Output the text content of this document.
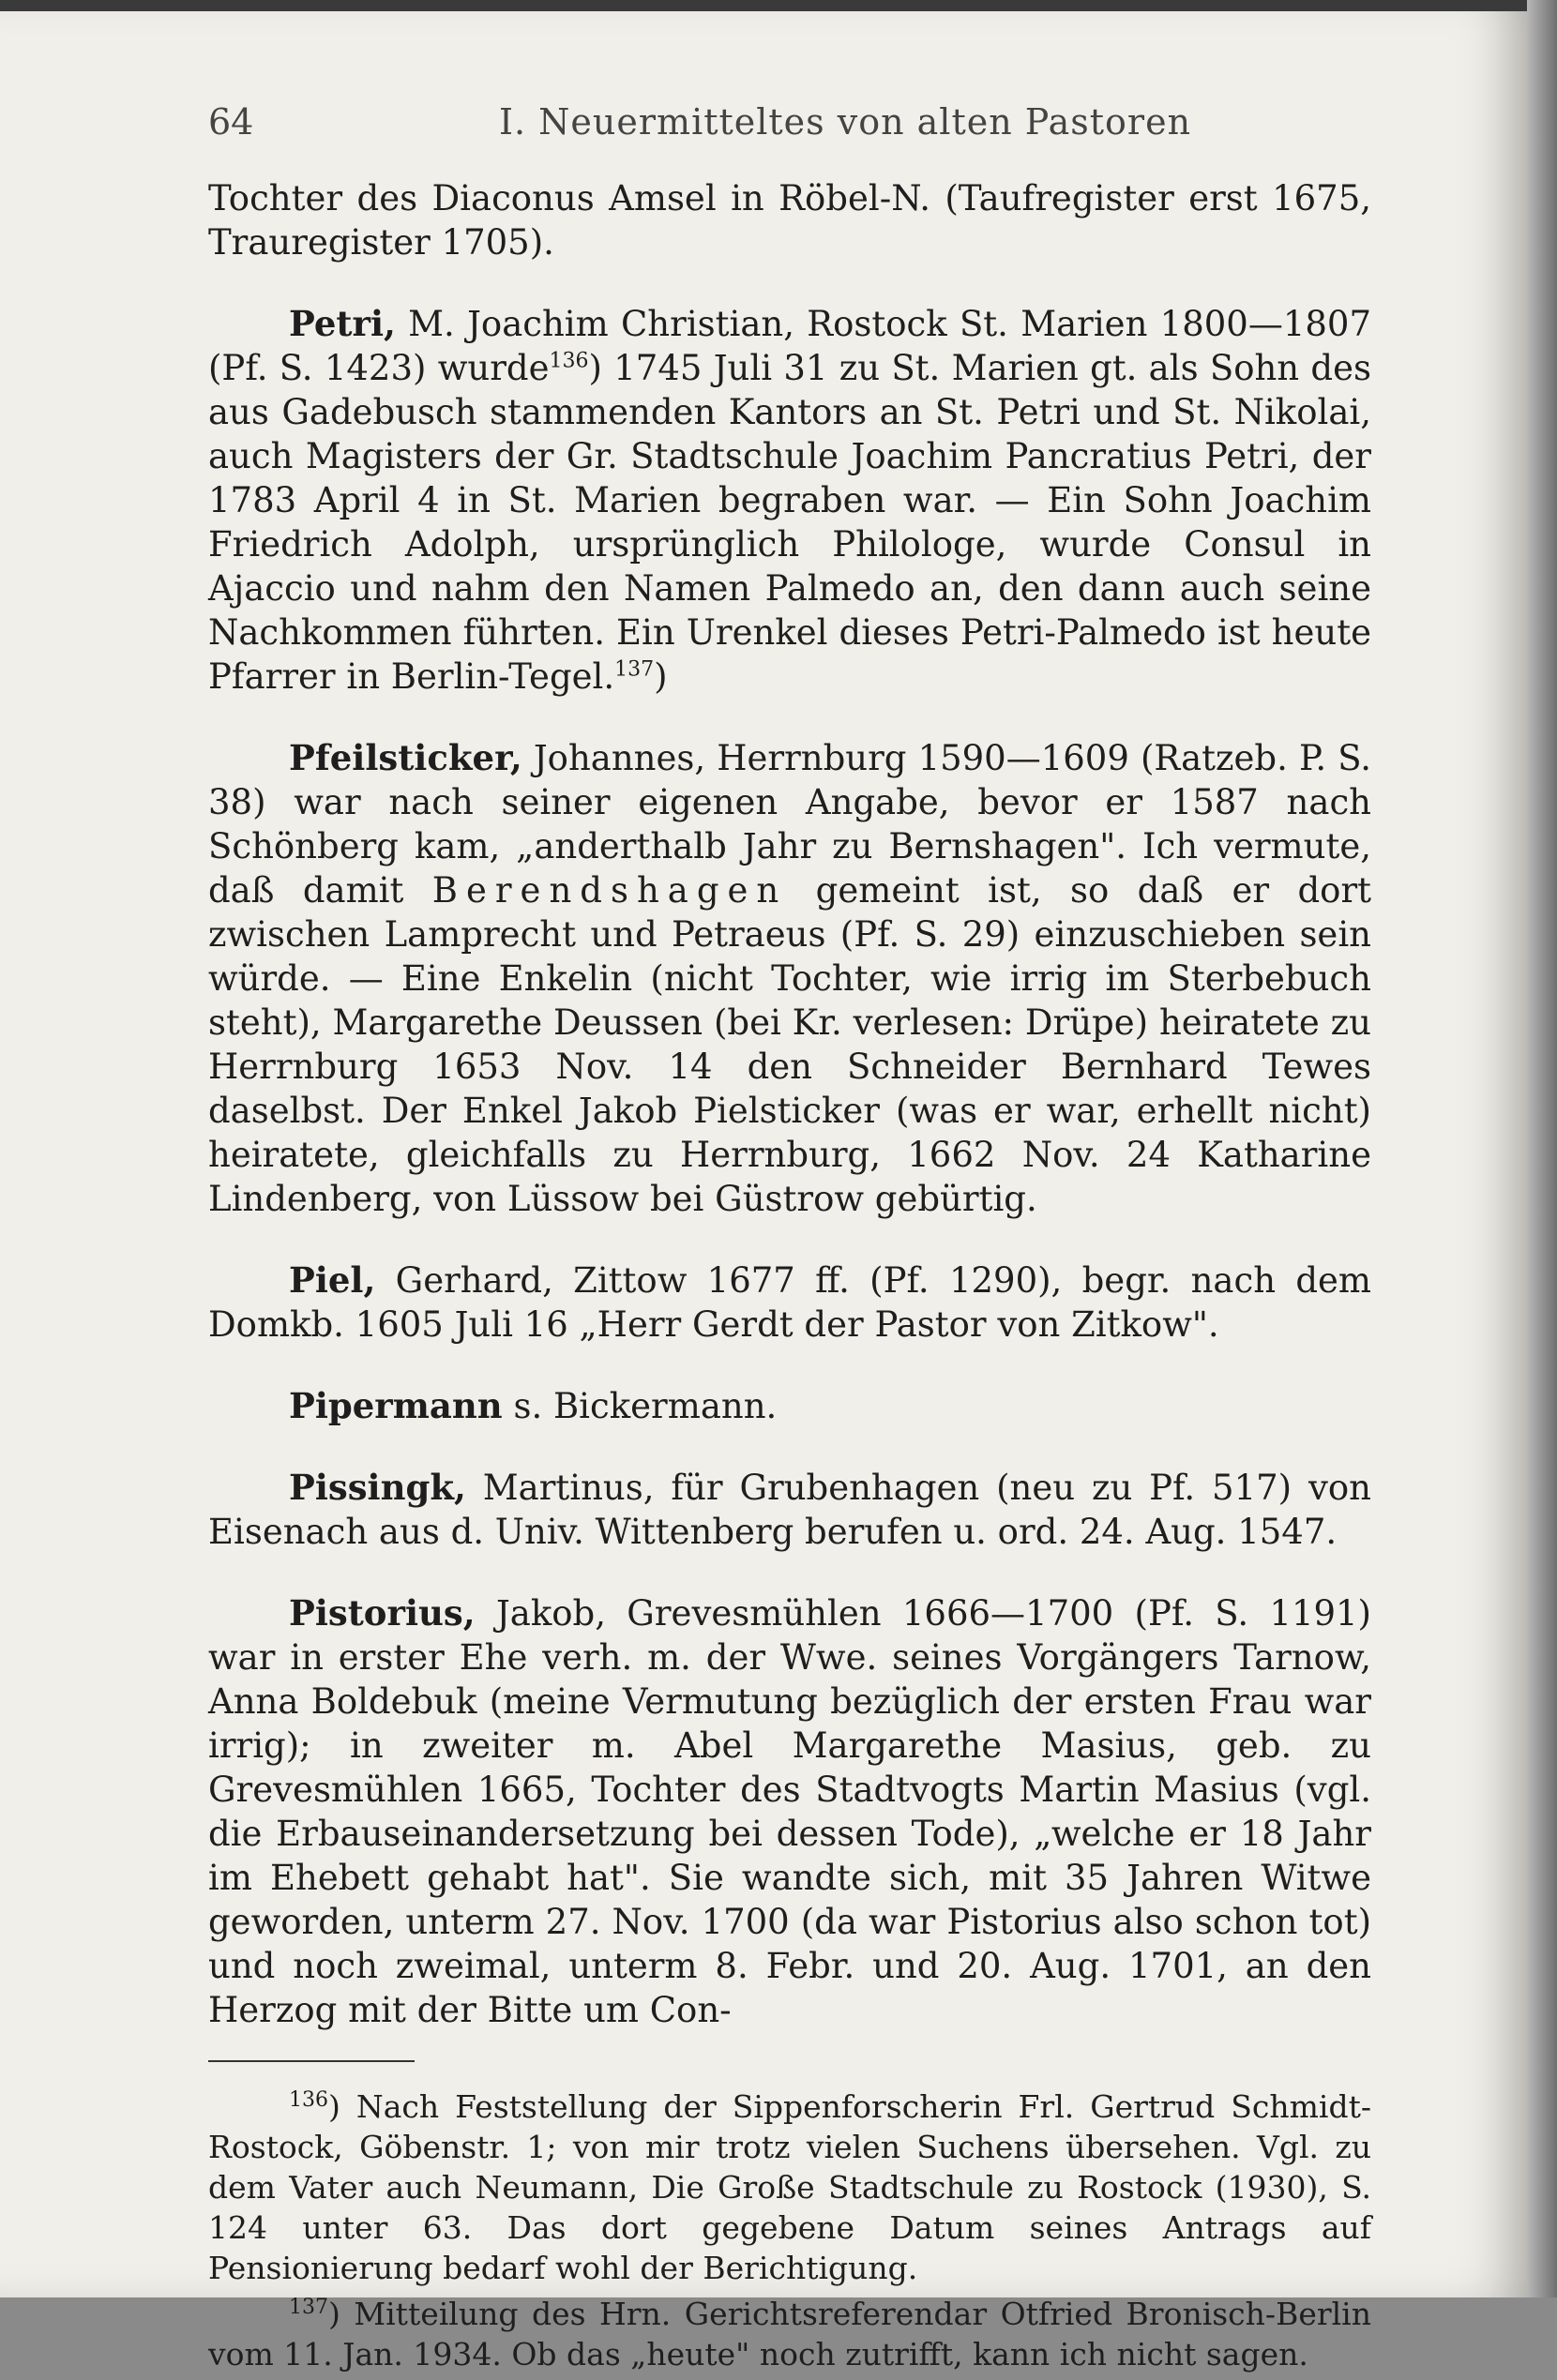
64	I. Neuermitteltes von alten Pastoren

Tochter des Diaconus Amsel in Röbel-N. (Taufregister erst 1675, Trauregister 1705).

Petri, M. Joachim Christian, Rostock St. Marien 1800—1807 (Pf. S. 1423) wurde$^{136}$) 1745 Juli 31 zu St. Marien gt. als Sohn des aus Gadebusch stammenden Kantors an St. Petri und St. Nikolai, auch Magisters der Gr. Stadtschule Joachim Pancratius Petri, der 1783 April 4 in St. Marien begraben war. — Ein Sohn Joachim Friedrich Adolph, ursprünglich Philologe, wurde Consul in Ajaccio und nahm den Namen Palmedo an, den dann auch seine Nachkommen führten. Ein Urenkel dieses Petri-Palmedo ist heute Pfarrer in Berlin-Tegel.$^{137}$)

Pfeilsticker, Johannes, Herrnburg 1590—1609 (Ratzeb. P. S. 38) war nach seiner eigenen Angabe, bevor er 1587 nach Schönberg kam, „anderthalb Jahr zu Bernshagen". Ich vermute, daß damit Berendshagen gemeint ist, so daß er dort zwischen Lamprecht und Petraeus (Pf. S. 29) einzuschieben sein würde. — Eine Enkelin (nicht Tochter, wie irrig im Sterbebuch steht), Margarethe Deussen (bei Kr. verlesen: Drüpe) heiratete zu Herrnburg 1653 Nov. 14 den Schneider Bernhard Tewes daselbst. Der Enkel Jakob Pielsticker (was er war, erhellt nicht) heiratete, gleichfalls zu Herrnburg, 1662 Nov. 24 Katharine Lindenberg, von Lüssow bei Güstrow gebürtig.

Piel, Gerhard, Zittow 1677 ff. (Pf. 1290), begr. nach dem Domkb. 1605 Juli 16 „Herr Gerdt der Pastor von Zitkow".

Pipermann s. Bickermann.

Pissingk, Martinus, für Grubenhagen (neu zu Pf. 517) von Eisenach aus d. Univ. Wittenberg berufen u. ord. 24. Aug. 1547.

Pistorius, Jakob, Grevesmühlen 1666—1700 (Pf. S. 1191) war in erster Ehe verh. m. der Wwe. seines Vorgängers Tarnow, Anna Boldebuk (meine Vermutung bezüglich der ersten Frau war irrig); in zweiter m. Abel Margarethe Masius, geb. zu Grevesmühlen 1665, Tochter des Stadtvogts Martin Masius (vgl. die Erbauseinandersetzung bei dessen Tode), „welche er 18 Jahr im Ehebett gehabt hat". Sie wandte sich, mit 35 Jahren Witwe geworden, unterm 27. Nov. 1700 (da war Pistorius also schon tot) und noch zweimal, unterm 8. Febr. und 20. Aug. 1701, an den Herzog mit der Bitte um Con-

$^{136}$) Nach Feststellung der Sippenforscherin Frl. Gertrud Schmidt-Rostock, Göbenstr. 1; von mir trotz vielen Suchens übersehen. Vgl. zu dem Vater auch Neumann, Die Große Stadtschule zu Rostock (1930), S. 124 unter 63. Das dort gegebene Datum seines Antrags auf Pensionierung bedarf wohl der Berichtigung.

$^{137}$) Mitteilung des Hrn. Gerichtsreferendar Otfried Bronisch-Berlin vom 11. Jan. 1934. Ob das „heute" noch zutrifft, kann ich nicht sagen.
